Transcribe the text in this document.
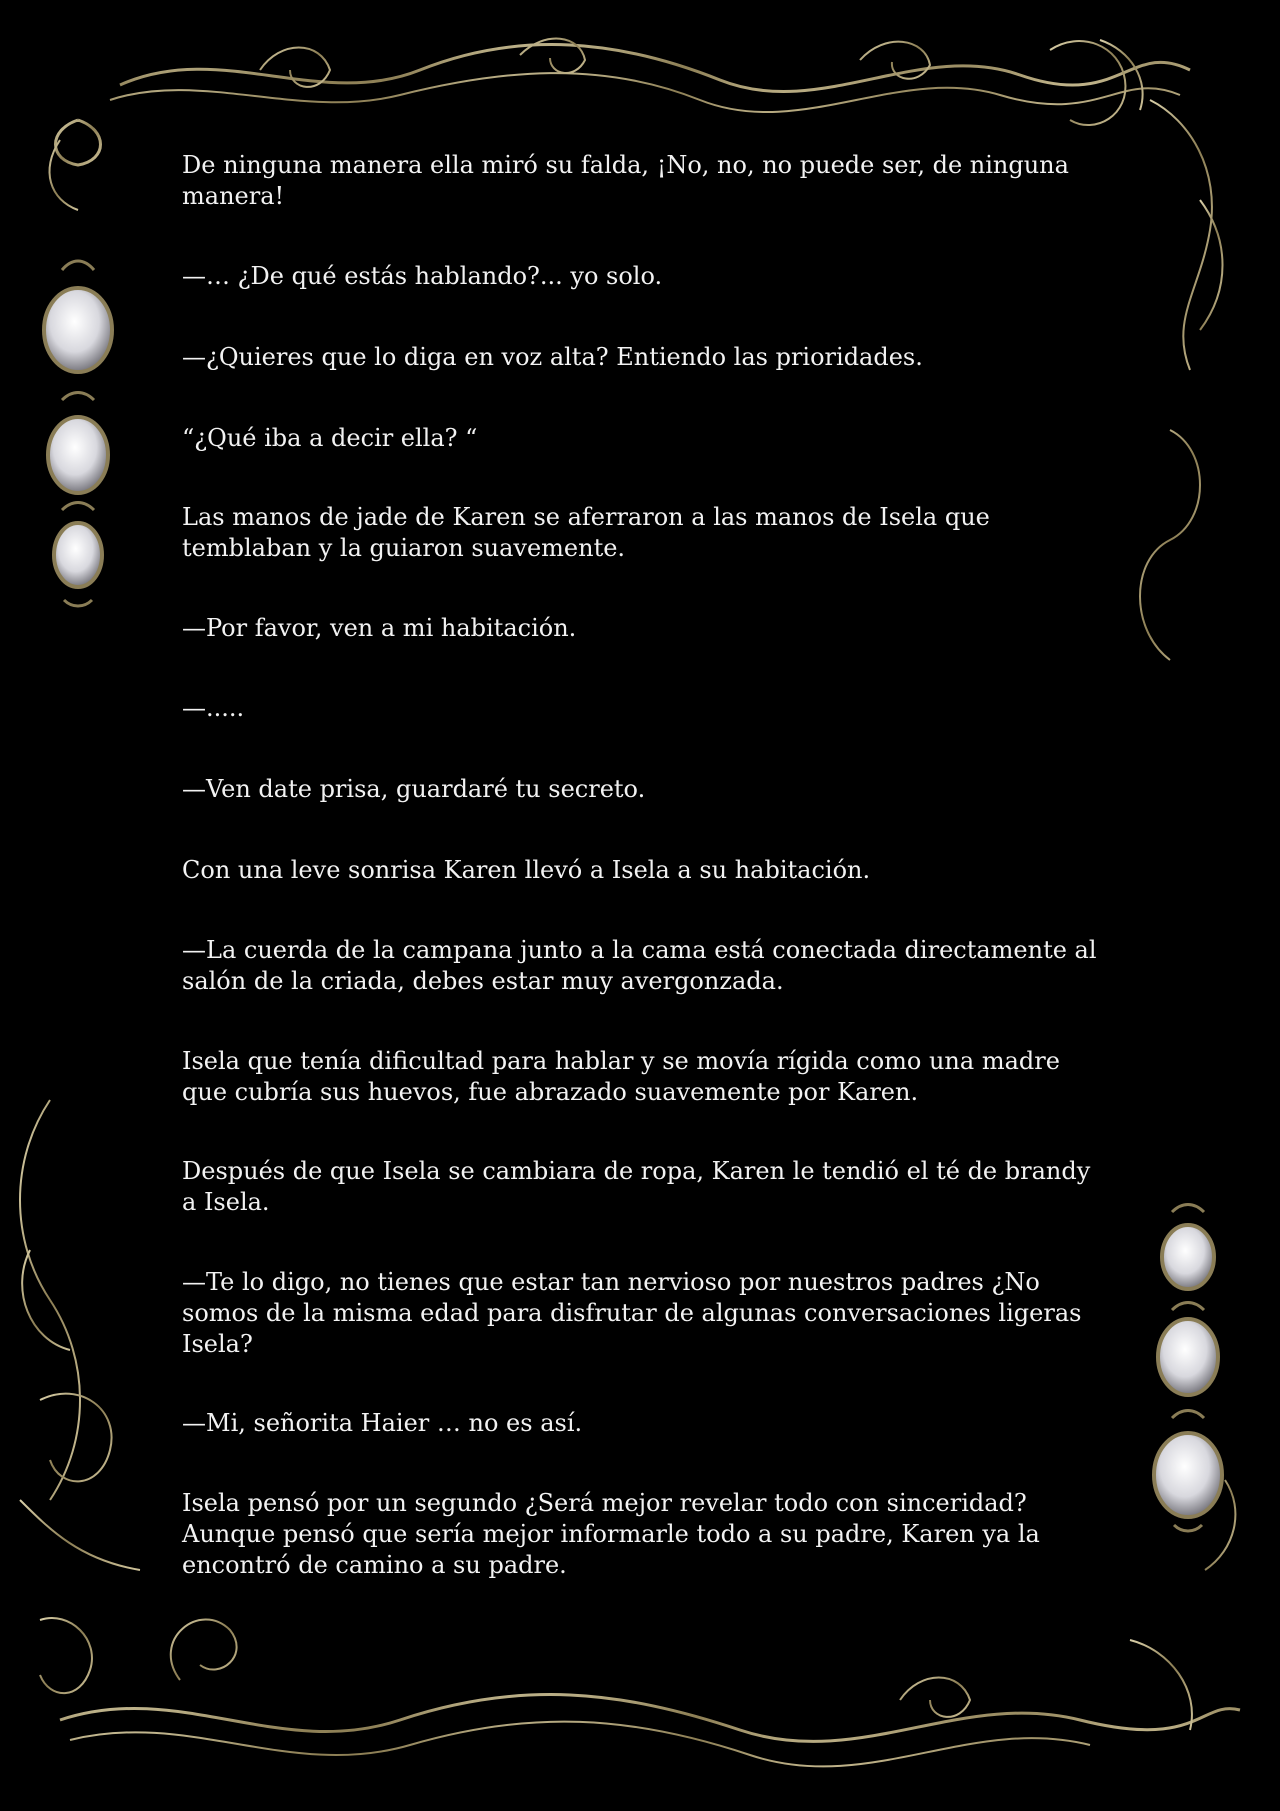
De ninguna manera ella miró su falda, ¡No, no, no puede ser, de ninguna manera!

—… ¿De qué estás hablando?... yo solo.

—¿Quieres que lo diga en voz alta? Entiendo las prioridades.

“¿Qué iba a decir ella? “

Las manos de jade de Karen se aferraron a las manos de Isela que temblaban y la guiaron suavemente.

—Por favor, ven a mi habitación.

—.....

—Ven date prisa, guardaré tu secreto.

Con una leve sonrisa Karen llevó a Isela a su habitación.

—La cuerda de la campana junto a la cama está conectada directamente al salón de la criada, debes estar muy avergonzada.

Isela que tenía dificultad para hablar y se movía rígida como una madre que cubría sus huevos, fue abrazado suavemente por Karen.

Después de que Isela se cambiara de ropa, Karen le tendió el té de brandy a Isela.

—Te lo digo, no tienes que estar tan nervioso por nuestros padres ¿No somos de la misma edad para disfrutar de algunas conversaciones ligeras Isela?

—Mi, señorita Haier … no es así.

Isela pensó por un segundo ¿Será mejor revelar todo con sinceridad? Aunque pensó que sería mejor informarle todo a su padre, Karen ya la encontró de camino a su padre.
